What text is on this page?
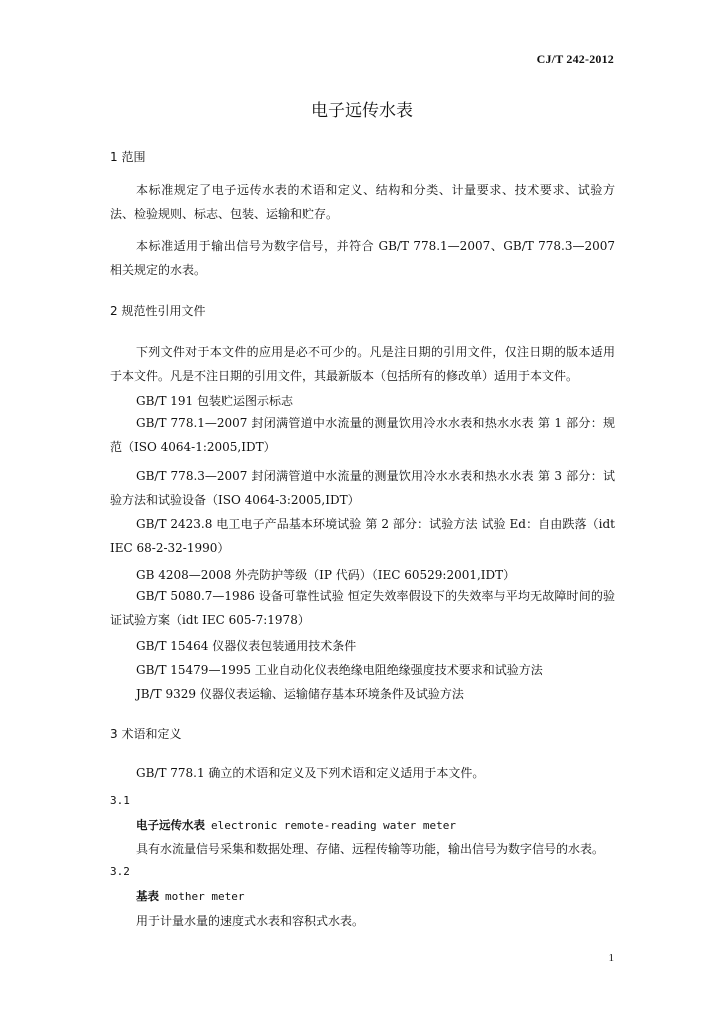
CJ/T 242-2012
电子远传水表
1 范围
本标准规定了电子远传水表的术语和定义、结构和分类、计量要求、技术要求、试验方法、检验规则、标志、包装、运输和贮存。
本标准适用于输出信号为数字信号，并符合 GB/T 778.1—2007、GB/T 778.3—2007 相关规定的水表。
2 规范性引用文件
下列文件对于本文件的应用是必不可少的。凡是注日期的引用文件，仅注日期的版本适用于本文件。凡是不注日期的引用文件，其最新版本（包括所有的修改单）适用于本文件。
GB/T 191 包装贮运图示标志
GB/T 778.1—2007 封闭满管道中水流量的测量饮用冷水水表和热水水表 第 1 部分：规范（ISO 4064-1:2005,IDT）
GB/T 778.3—2007 封闭满管道中水流量的测量饮用冷水水表和热水水表 第 3 部分：试验方法和试验设备（ISO 4064-3:2005,IDT）
GB/T 2423.8 电工电子产品基本环境试验 第 2 部分：试验方法 试验 Ed：自由跌落（idt IEC 68-2-32-1990）
GB 4208—2008 外壳防护等级（IP 代码）（IEC 60529:2001,IDT）
GB/T 5080.7—1986 设备可靠性试验 恒定失效率假设下的失效率与平均无故障时间的验证试验方案（idt IEC 605-7:1978）
GB/T 15464 仪器仪表包装通用技术条件
GB/T 15479—1995 工业自动化仪表绝缘电阻绝缘强度技术要求和试验方法
JB/T 9329 仪器仪表运输、运输储存基本环境条件及试验方法
3 术语和定义
GB/T 778.1 确立的术语和定义及下列术语和定义适用于本文件。
3.1
电子远传水表 electronic remote-reading water meter
具有水流量信号采集和数据处理、存储、远程传输等功能，输出信号为数字信号的水表。
3.2
基表 mother meter
用于计量水量的速度式水表和容积式水表。
1
